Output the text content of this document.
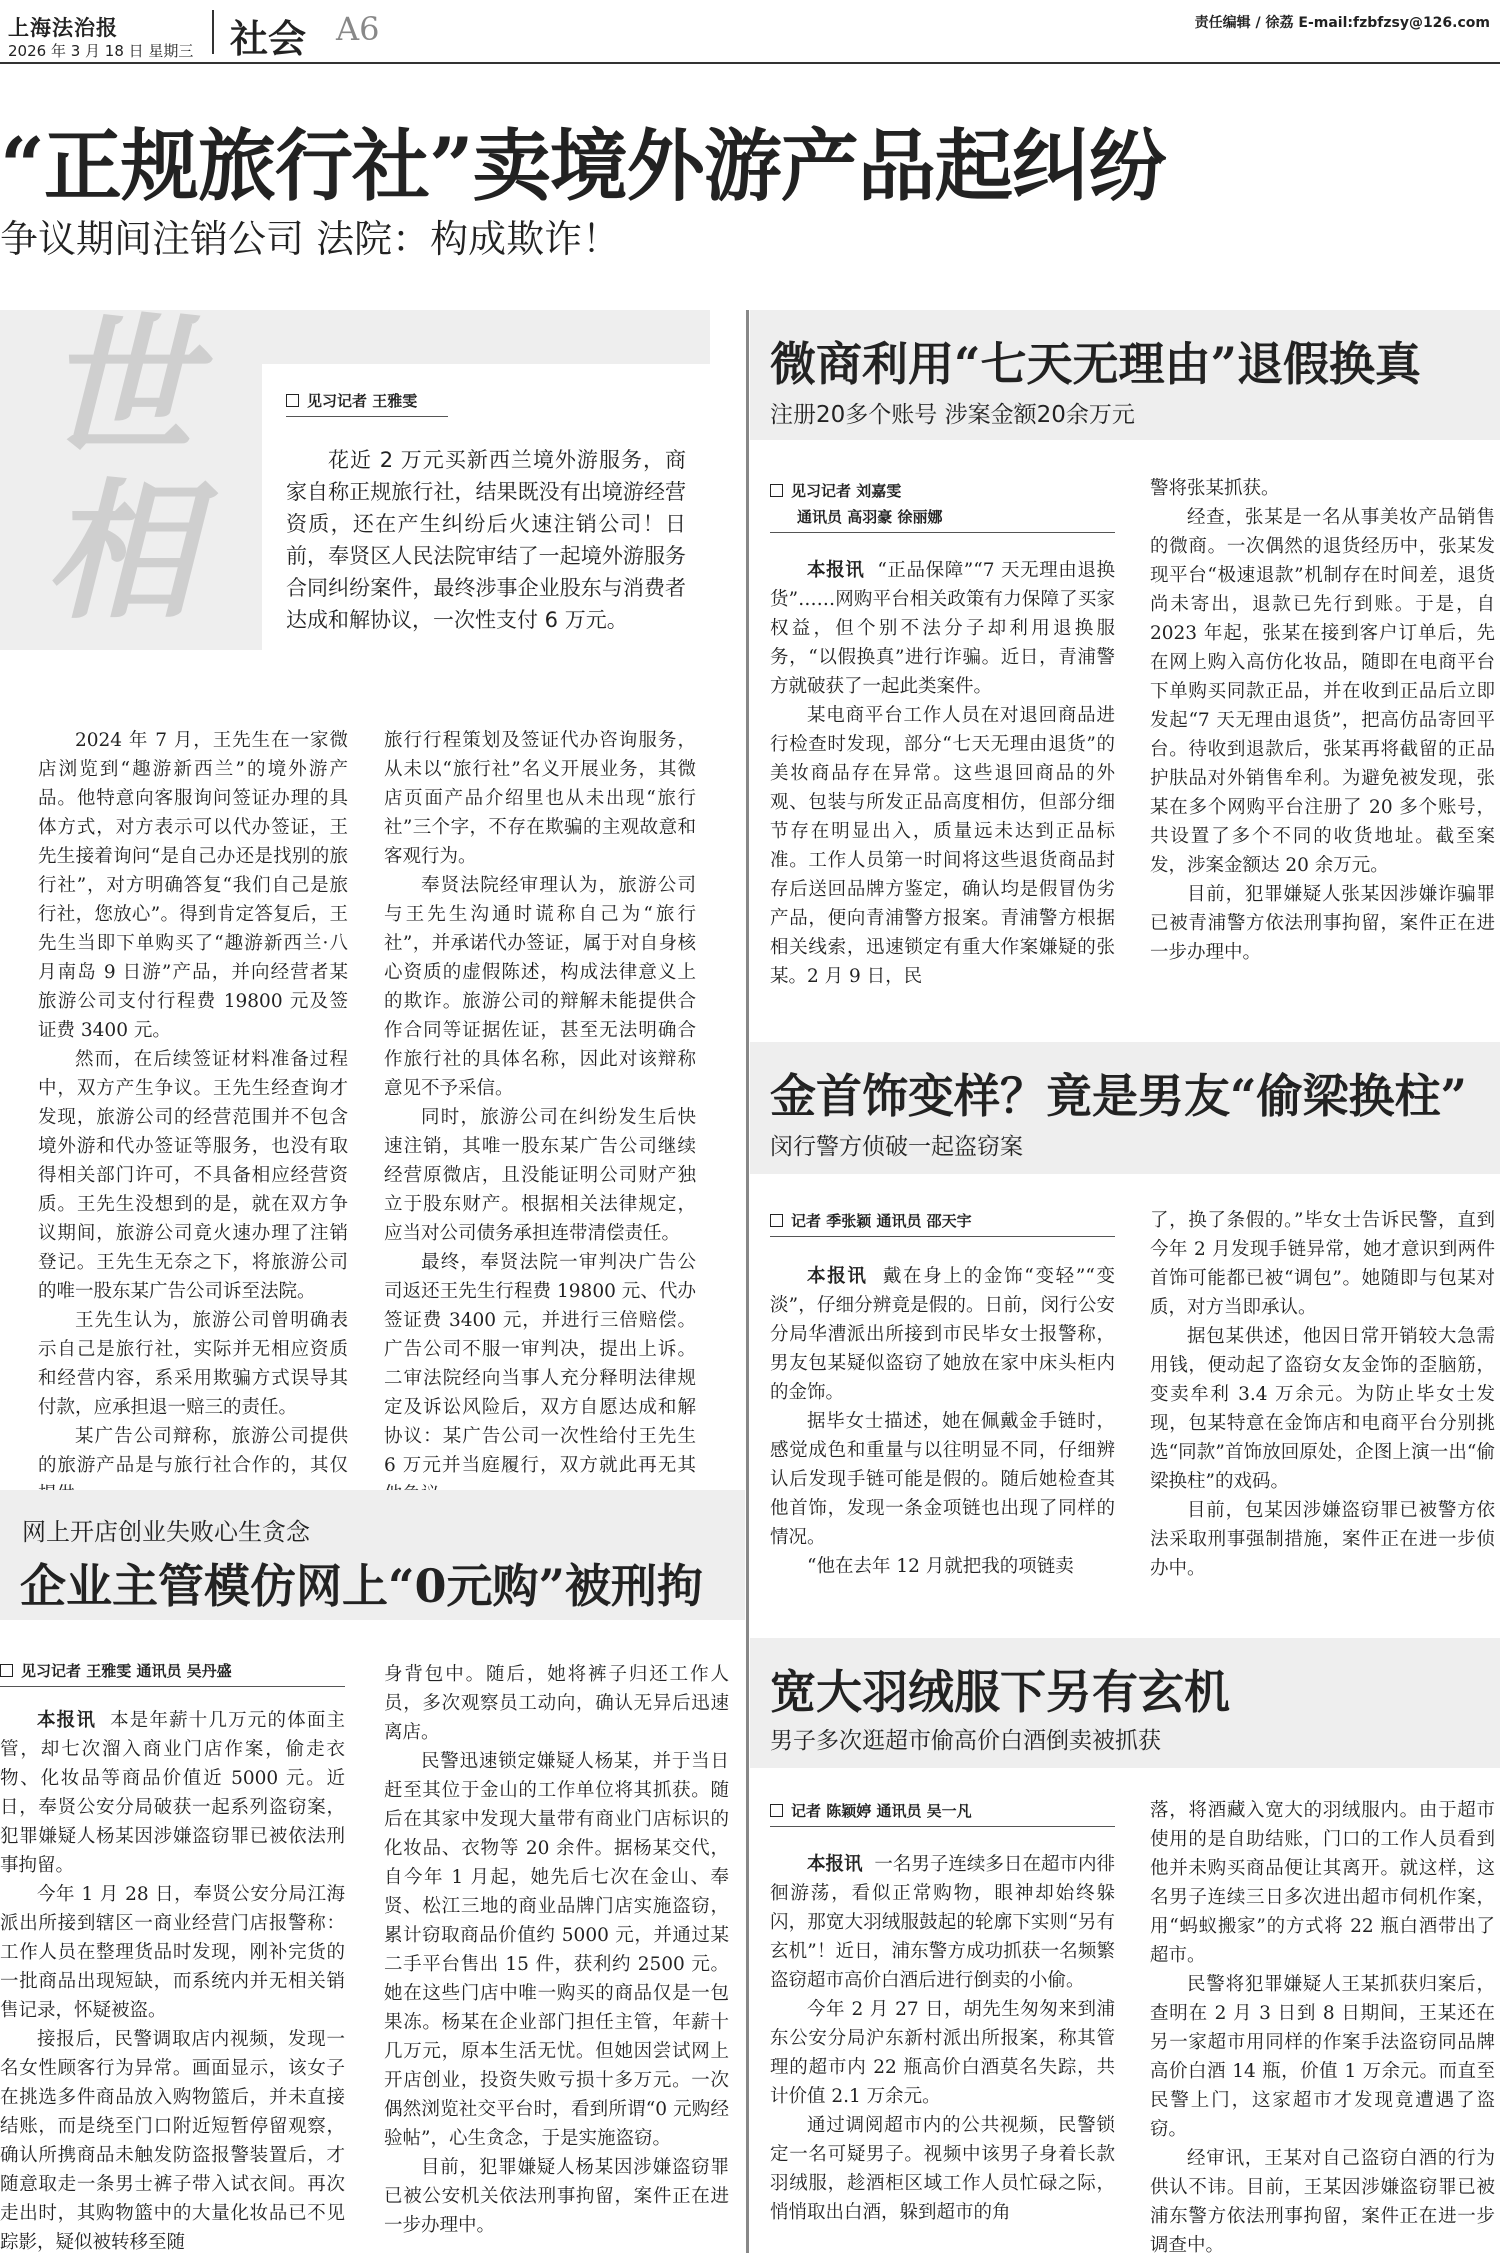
上海法治报
2026 年 3 月 18 日 星期三 社会 A6	责任编辑 / 徐荔 E-mail:fzbfzsy@126.com
“正规旅行社”卖境外游产品起纠纷
争议期间注销公司 法院：构成欺诈！
世相
见习记者 王雅雯
花近 2 万元买新西兰境外游服务，商家自称正规旅行社，结果既没有出境游经营资质，还在产生纠纷后火速注销公司！日前，奉贤区人民法院审结了一起境外游服务合同纠纷案件，最终涉事企业股东与消费者达成和解协议，一次性支付 6 万元。

2024 年 7 月，王先生在一家微店浏览到“趣游新西兰”的境外游产品。他特意向客服询问签证办理的具体方式，对方表示可以代办签证，王先生接着询问“是自己办还是找别的旅行社”，对方明确答复“我们自己是旅行社，您放心”。得到肯定答复后，王先生当即下单购买了“趣游新西兰·八月南岛 9 日游”产品，并向经营者某旅游公司支付行程费 19800 元及签证费 3400 元。

然而，在后续签证材料准备过程中，双方产生争议。王先生经查询才发现，旅游公司的经营范围并不包含境外游和代办签证等服务，也没有取得相关部门许可，不具备相应经营资质。王先生没想到的是，就在双方争议期间，旅游公司竟火速办理了注销登记。王先生无奈之下，将旅游公司的唯一股东某广告公司诉至法院。

王先生认为，旅游公司曾明确表示自己是旅行社，实际并无相应资质和经营内容，系采用欺骗方式误导其付款，应承担退一赔三的责任。

某广告公司辩称，旅游公司提供的旅游产品是与旅行社合作的，其仅

旅行行程策划及签证代办咨询服务，从未以“旅行社”名义开展业务，其微店页面产品介绍里也从未出现“旅行社”三个字，不存在欺骗的主观故意和客观行为。

奉贤法院经审理认为，旅游公司与王先生沟通时谎称自己为“旅行社”，并承诺代办签证，属于对自身核心资质的虚假陈述，构成法律意义上的欺诈。旅游公司的辩解未能提供合作合同等证据佐证，甚至无法明确合作旅行社的具体名称，因此对该辩称意见不予采信。

同时，旅游公司在纠纷发生后快速注销，其唯一股东某广告公司继续经营原微店，且没能证明公司财产独立于股东财产。根据相关法律规定，应当对公司债务承担连带清偿责任。

最终，奉贤法院一审判决广告公司返还王先生行程费 19800 元、代办签证费 3400 元，并进行三倍赔偿。广告公司不服一审判决，提出上诉。二审法院经向当事人充分释明法律规定及诉讼风险后，双方自愿达成和解协议：某广告公司一次性给付王先生 6 万元并当庭履行，双方就此再无其

网上开店创业失败心生贪念
企业主管模仿网上“0元购”被刑拘
见习记者 王雅雯 通讯员 吴丹盛

本报讯 本是年薪十几万元的体面主管，却七次溜入商业门店作案，偷走衣物、化妆品等商品价值近 5000 元。近日，奉贤公安分局破获一起系列盗窃案，犯罪嫌疑人杨某因涉嫌盗窃罪已被依法刑事拘留。

今年 1 月 28 日，奉贤公安分局江海派出所接到辖区一商业经营门店报警称：工作人员在整理货品时发现，刚补完货的一批商品出现短缺，而系统内并无相关销售记录，怀疑被盗。

接报后，民警调取店内视频，发现一名女性顾客行为异常。画面显示，该女子在挑选多件商品放入购物篮后，并未直接结账，而是绕至门口附近短暂停留观察，确认所携商品未触发防盗报警装置后，才随意取走一条男士裤子带入试衣间。再次走出时，其购物篮中的大量化妆品已不见踪影，疑似被转移至随

身背包中。随后，她将裤子归还工作人员，多次观察员工动向，确认无异后迅速离店。

民警迅速锁定嫌疑人杨某，并于当日赶至其位于金山的工作单位将其抓获。随后在其家中发现大量带有商业门店标识的化妆品、衣物等 20 余件。据杨某交代，自今年 1 月起，她先后七次在金山、奉贤、松江三地的商业品牌门店实施盗窃，累计窃取商品价值约 5000 元，并通过某二手平台售出 15 件，获利约 2500 元。她在这些门店中唯一购买的商品仅是一包果冻。杨某在企业部门担任主管，年薪十几万元，原本生活无忧。但她因尝试网上开店创业，投资失败亏损十多万元。一次偶然浏览社交平台时，看到所谓“0 元购经验帖”，心生贪念，于是实施盗窃。

目前，犯罪嫌疑人杨某因涉嫌盗窃罪已被公安机关依法刑事拘留，案件正在进一步办理中。

微商利用“七天无理由”退假换真
注册20多个账号 涉案金额20余万元
见习记者 刘嘉雯
通讯员 高羽豪 徐丽娜

本报讯 “正品保障”“7 天无理由退换货”……网购平台相关政策有力保障了买家权益，但个别不法分子却利用退换服务，“以假换真”进行诈骗。近日，青浦警方就破获了一起此类案件。

某电商平台工作人员在对退回商品进行检查时发现，部分“七天无理由退货”的美妆商品存在异常。这些退回商品的外观、包装与所发正品高度相仿，但部分细节存在明显出入，质量远未达到正品标准。工作人员第一时间将这些退货商品封存后送回品牌方鉴定，确认均是假冒伪劣产品，便向青浦警方报案。青浦警方根据相关线索，迅速锁定有重大作案嫌疑的张某。2 月 9 日，民

警将张某抓获。

经查，张某是一名从事美妆产品销售的微商。一次偶然的退货经历中，张某发现平台“极速退款”机制存在时间差，退货尚未寄出，退款已先行到账。于是，自 2023 年起，张某在接到客户订单后，先在网上购入高仿化妆品，随即在电商平台下单购买同款正品，并在收到正品后立即发起“7 天无理由退货”，把高仿品寄回平台。待收到退款后，张某再将截留的正品护肤品对外销售牟利。为避免被发现，张某在多个网购平台注册了 20 多个账号，共设置了多个不同的收货地址。截至案发，涉案金额达 20 余万元。

目前，犯罪嫌疑人张某因涉嫌诈骗罪已被青浦警方依法刑事拘留，案件正在进一步办理中。

金首饰变样？竟是男友“偷梁换柱”
闵行警方侦破一起盗窃案
记者 季张颖 通讯员 邵天宇

本报讯 戴在身上的金饰“变轻”“变淡”，仔细分辨竟是假的。日前，闵行公安分局华漕派出所接到市民毕女士报警称，男友包某疑似盗窃了她放在家中床头柜内的金饰。

据毕女士描述，她在佩戴金手链时，感觉成色和重量与以往明显不同，仔细辨认后发现手链可能是假的。随后她检查其他首饰，发现一条金项链也出现了同样的情况。

“他在去年 12 月就把我的项链卖

了，换了条假的。”毕女士告诉民警，直到今年 2 月发现手链异常，她才意识到两件首饰可能都已被“调包”。她随即与包某对质，对方当即承认。

据包某供述，他因日常开销较大急需用钱，便动起了盗窃女友金饰的歪脑筋，变卖牟利 3.4 万余元。为防止毕女士发现，包某特意在金饰店和电商平台分别挑选“同款”首饰放回原处，企图上演一出“偷梁换柱”的戏码。

目前，包某因涉嫌盗窃罪已被警方依法采取刑事强制措施，案件正在进一步侦办中。

宽大羽绒服下另有玄机
男子多次逛超市偷高价白酒倒卖被抓获
记者 陈颖婷 通讯员 吴一凡

本报讯 一名男子连续多日在超市内徘徊游荡，看似正常购物，眼神却始终躲闪，那宽大羽绒服鼓起的轮廓下实则“另有玄机”！近日，浦东警方成功抓获一名频繁盗窃超市高价白酒后进行倒卖的小偷。

今年 2 月 27 日，胡先生匆匆来到浦东公安分局沪东新村派出所报案，称其管理的超市内 22 瓶高价白酒莫名失踪，共计价值 2.1 万余元。

通过调阅超市内的公共视频，民警锁定一名可疑男子。视频中该男子身着长款羽绒服，趁酒柜区域工作人员忙碌之际，悄悄取出白酒，躲到超市的角

落，将酒藏入宽大的羽绒服内。由于超市使用的是自助结账，门口的工作人员看到他并未购买商品便让其离开。就这样，这名男子连续三日多次进出超市伺机作案，用“蚂蚁搬家”的方式将 22 瓶白酒带出了超市。

民警将犯罪嫌疑人王某抓获归案后，查明在 2 月 3 日到 8 日期间，王某还在另一家超市用同样的作案手法盗窃同品牌高价白酒 14 瓶，价值 1 万余元。而直至民警上门，这家超市才发现竟遭遇了盗窃。

经审讯，王某对自己盗窃白酒的行为供认不讳。目前，王某因涉嫌盗窃罪已被浦东警方依法刑事拘留，案件正在进一步调查中。
